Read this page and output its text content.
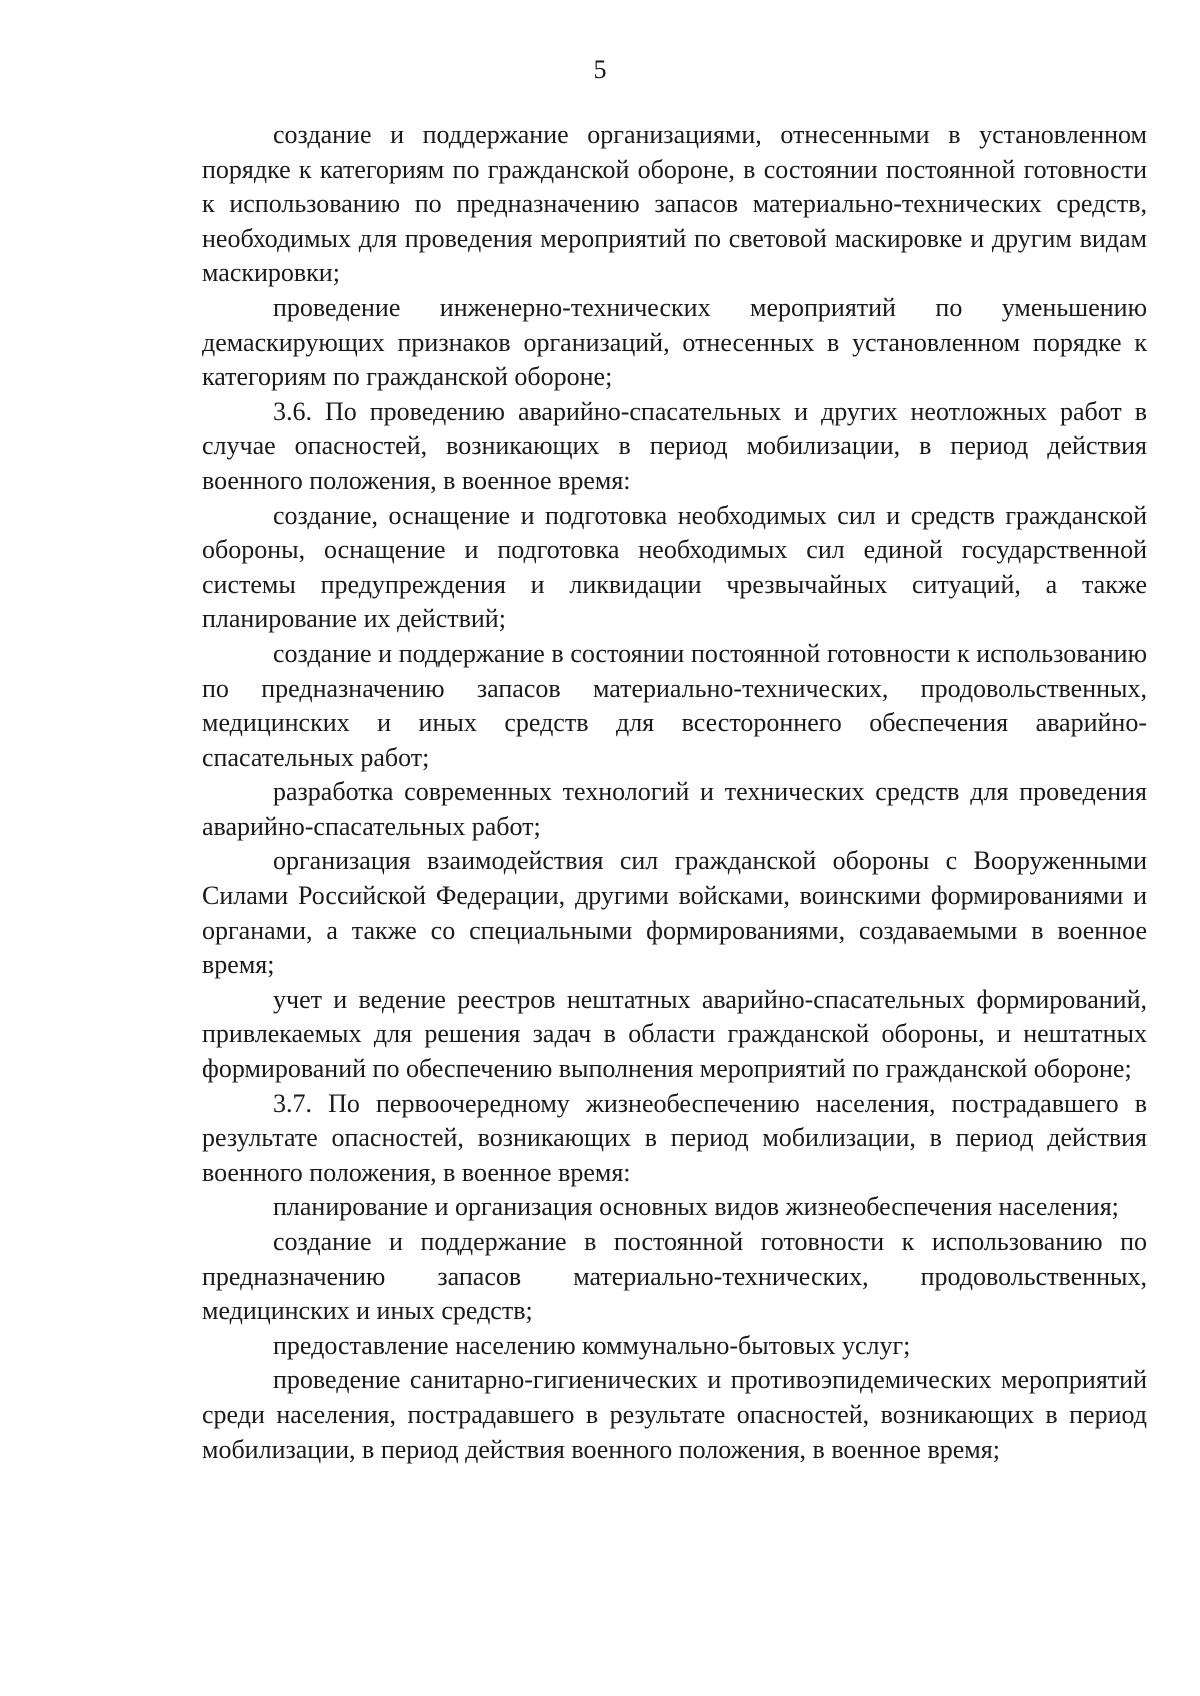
5

создание и поддержание организациями, отнесенными в установленном порядке к категориям по гражданской обороне, в состоянии постоянной готовности к использованию по предназначению запасов материально-технических средств, необходимых для проведения мероприятий по световой маскировке и другим видам маскировки;

проведение инженерно-технических мероприятий по уменьшению демаскирующих признаков организаций, отнесенных в установленном порядке к категориям по гражданской обороне;

3.6. По проведению аварийно-спасательных и других неотложных работ в случае опасностей, возникающих в период мобилизации, в период действия военного положения, в военное время:

создание, оснащение и подготовка необходимых сил и средств гражданской обороны, оснащение и подготовка необходимых сил единой государственной системы предупреждения и ликвидации чрезвычайных ситуаций, а также планирование их действий;

создание и поддержание в состоянии постоянной готовности к использованию по предназначению запасов материально-технических, продовольственных, медицинских и иных средств для всестороннего обеспечения аварийно-спасательных работ;

разработка современных технологий и технических средств для проведения аварийно-спасательных работ;

организация взаимодействия сил гражданской обороны с Вооруженными Силами Российской Федерации, другими войсками, воинскими формированиями и органами, а также со специальными формированиями, создаваемыми в военное время;

учет и ведение реестров нештатных аварийно-спасательных формирований, привлекаемых для решения задач в области гражданской обороны, и нештатных формирований по обеспечению выполнения мероприятий по гражданской обороне;

3.7. По первоочередному жизнеобеспечению населения, пострадавшего в результате опасностей, возникающих в период мобилизации, в период действия военного положения, в военное время:

планирование и организация основных видов жизнеобеспечения населения;

создание и поддержание в постоянной готовности к использованию по предназначению запасов материально-технических, продовольственных, медицинских и иных средств;

предоставление населению коммунально-бытовых услуг;

проведение санитарно-гигиенических и противоэпидемических мероприятий среди населения, пострадавшего в результате опасностей, возникающих в период мобилизации, в период действия военного положения, в военное время;
